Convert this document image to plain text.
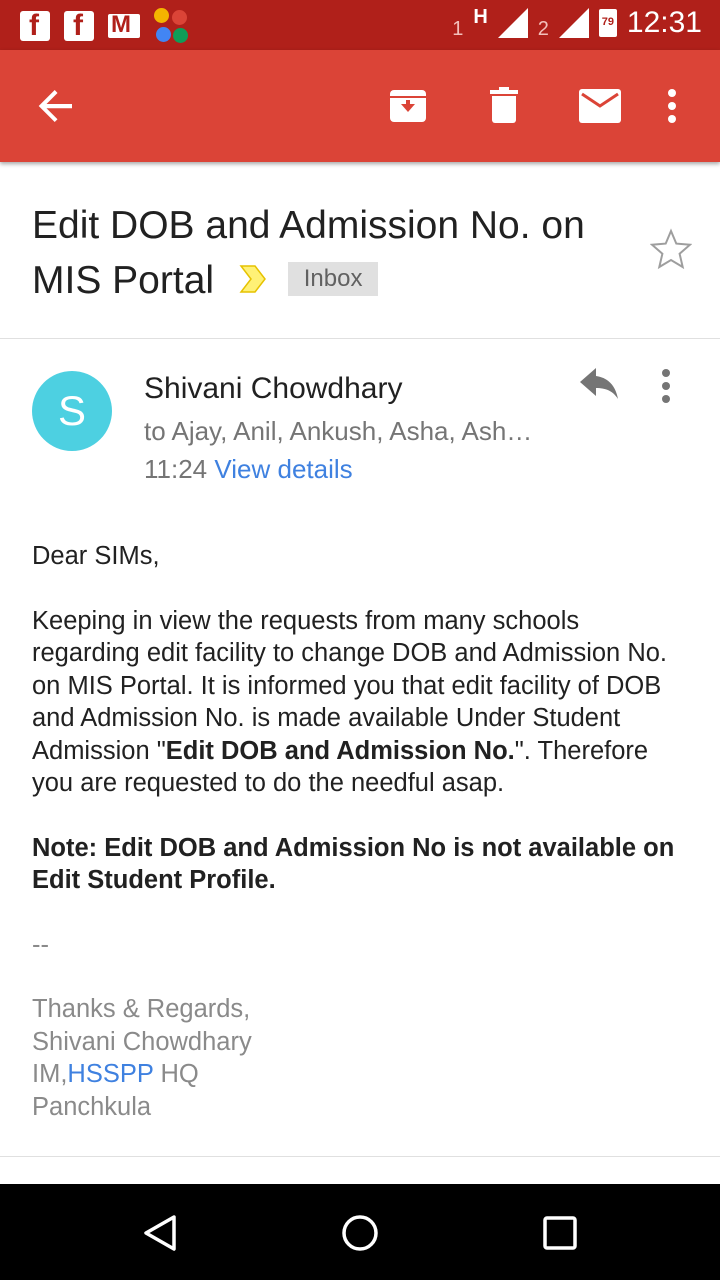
f f M	1
H
2	79 12:31
Edit DOB and Admission No. on MIS Portal	Inbox
S	Shivani Chowdhary
to Ajay, Anil, Ankush, Asha, Ash…
11:24 View details

Dear SIMs,

Keeping in view the requests from many schools regarding edit facility to change DOB and Admission No. on MIS Portal. It is informed you that edit facility of DOB and Admission No. is made available Under Student Admission "Edit DOB and Admission No.". Therefore you are requested to do the needful asap.

Note: Edit DOB and Admission No is not available on Edit Student Profile.

--

Thanks & Regards,

Shivani Chowdhary

IM,HSSPP HQ

Panchkula
